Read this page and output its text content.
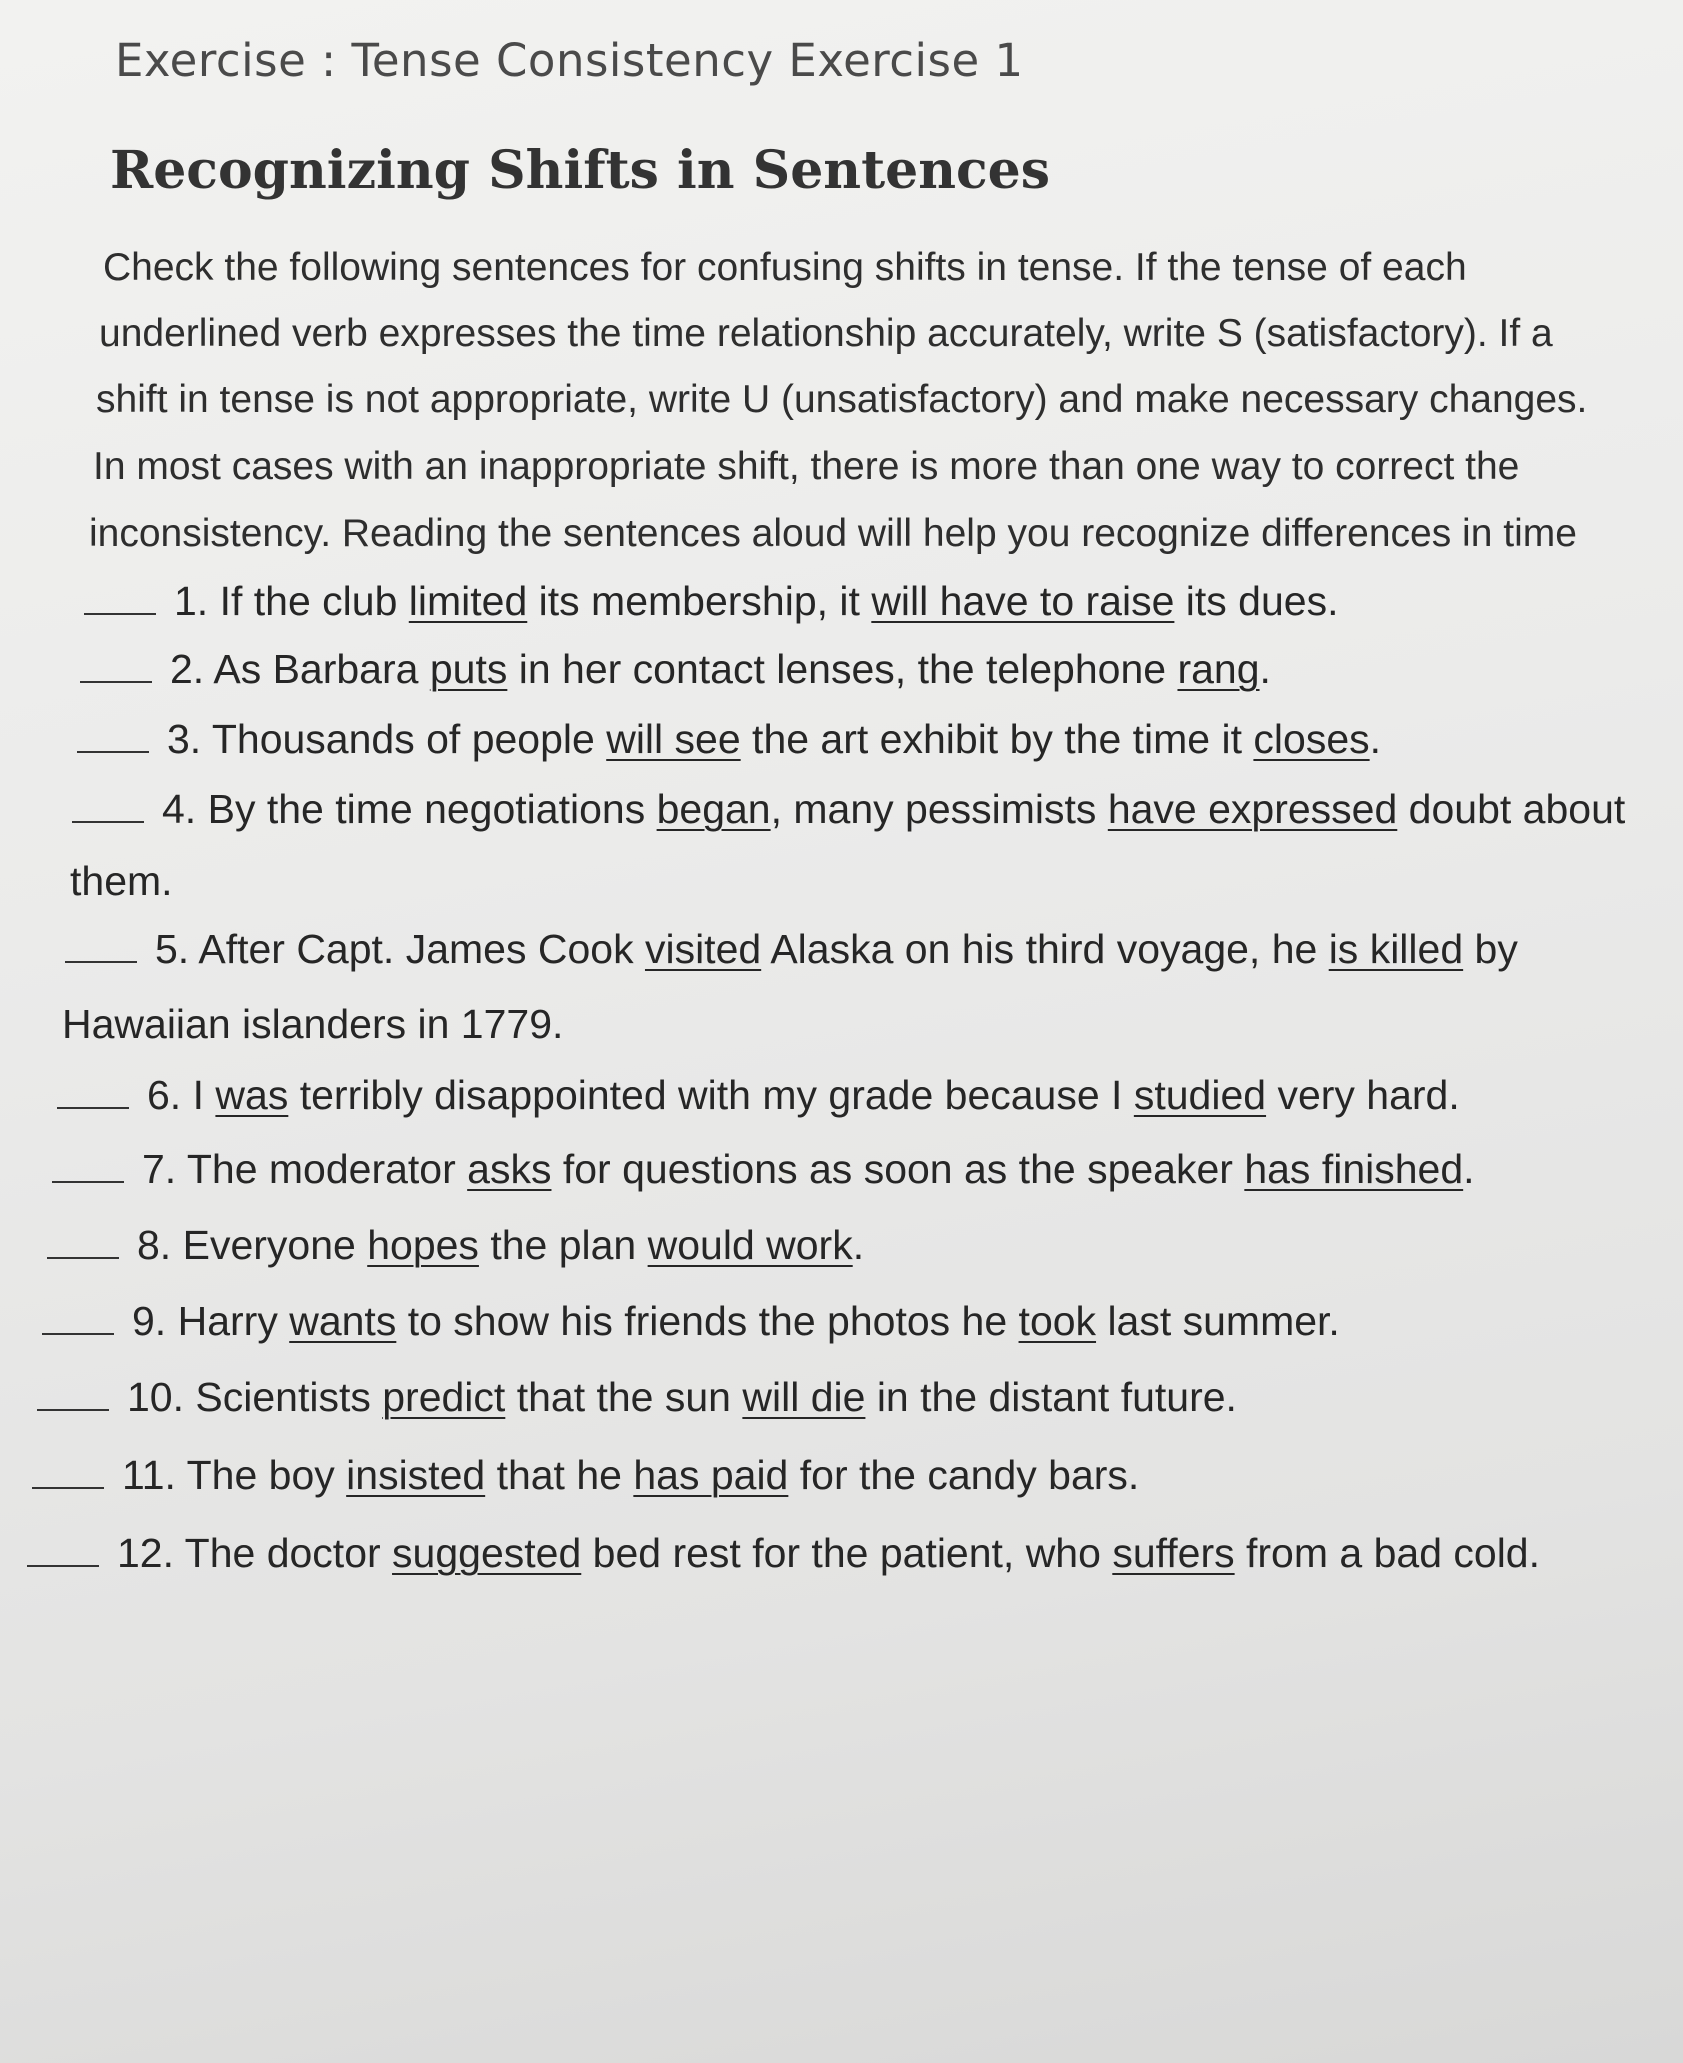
Exercise : Tense Consistency Exercise 1
Recognizing Shifts in Sentences
Check the following sentences for confusing shifts in tense. If the tense of each
underlined verb expresses the time relationship accurately, write S (satisfactory). If a
shift in tense is not appropriate, write U (unsatisfactory) and make necessary changes.
In most cases with an inappropriate shift, there is more than one way to correct the
inconsistency. Reading the sentences aloud will help you recognize differences in time
1. If the club limited its membership, it will have to raise its dues.
2. As Barbara puts in her contact lenses, the telephone rang.
3. Thousands of people will see the art exhibit by the time it closes.
4. By the time negotiations began, many pessimists have expressed doubt about
them.
5. After Capt. James Cook visited Alaska on his third voyage, he is killed by
Hawaiian islanders in 1779.
6. I was terribly disappointed with my grade because I studied very hard.
7. The moderator asks for questions as soon as the speaker has finished.
8. Everyone hopes the plan would work.
9. Harry wants to show his friends the photos he took last summer.
10. Scientists predict that the sun will die in the distant future.
11. The boy insisted that he has paid for the candy bars.
12. The doctor suggested bed rest for the patient, who suffers from a bad cold.
